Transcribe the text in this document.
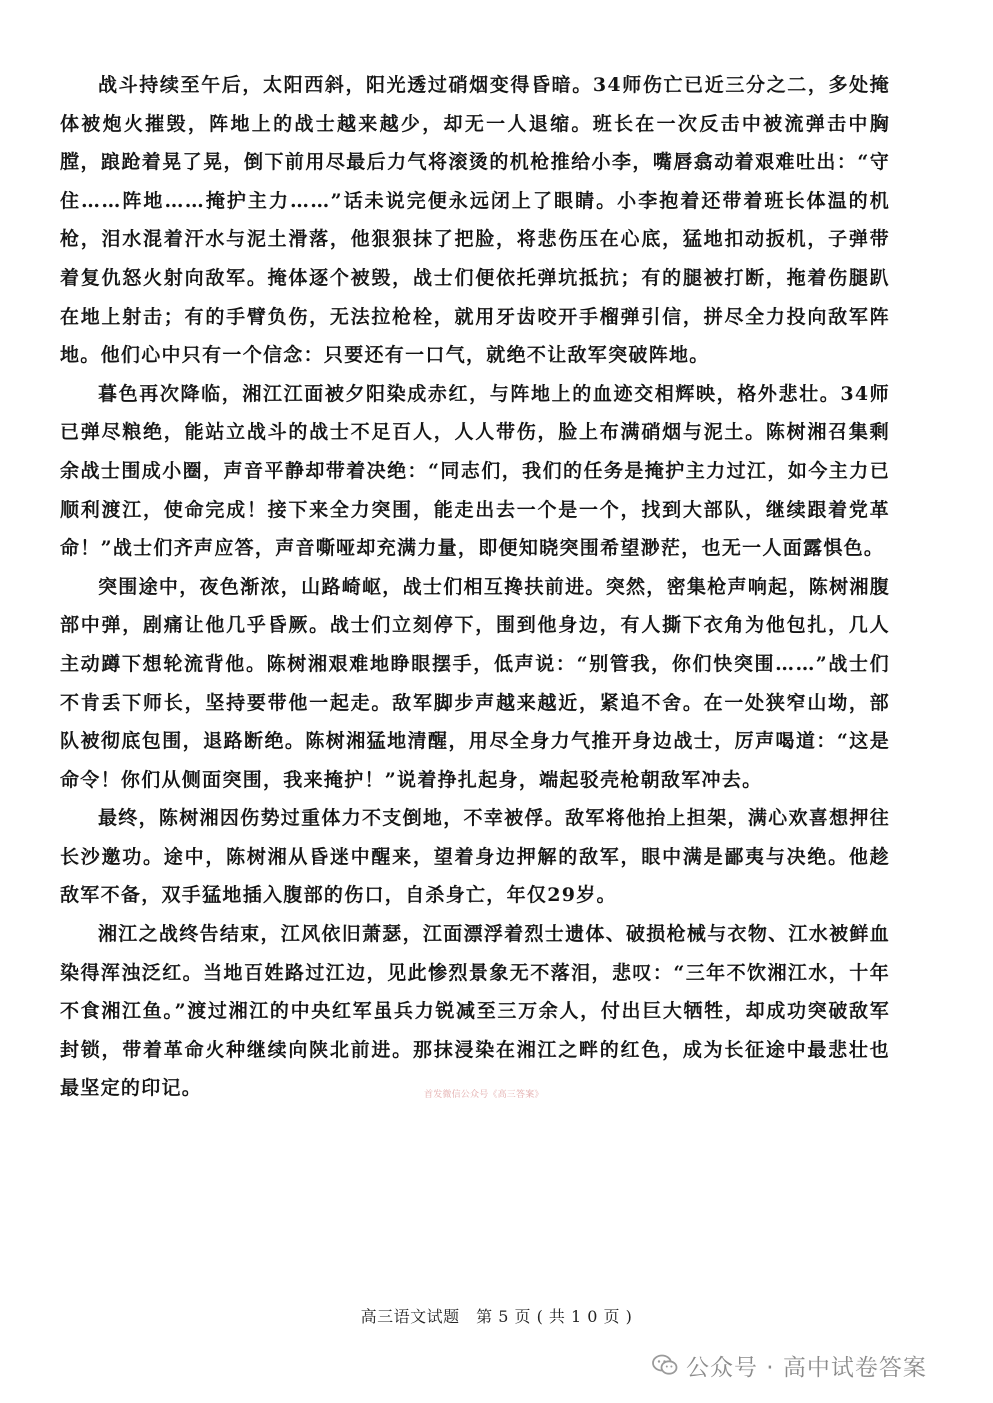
战斗持续至午后，太阳西斜，阳光透过硝烟变得昏暗。34师伤亡已近三分之二，多处掩体被炮火摧毁，阵地上的战士越来越少，却无一人退缩。班长在一次反击中被流弹击中胸膛，踉跄着晃了晃，倒下前用尽最后力气将滚烫的机枪推给小李，嘴唇翕动着艰难吐出：“守住……阵地……掩护主力……”话未说完便永远闭上了眼睛。小李抱着还带着班长体温的机枪，泪水混着汗水与泥土滑落，他狠狠抹了把脸，将悲伤压在心底，猛地扣动扳机，子弹带着复仇怒火射向敌军。掩体逐个被毁，战士们便依托弹坑抵抗；有的腿被打断，拖着伤腿趴在地上射击；有的手臂负伤，无法拉枪栓，就用牙齿咬开手榴弹引信，拼尽全力投向敌军阵地。他们心中只有一个信念：只要还有一口气，就绝不让敌军突破阵地。

暮色再次降临，湘江江面被夕阳染成赤红，与阵地上的血迹交相辉映，格外悲壮。34师已弹尽粮绝，能站立战斗的战士不足百人，人人带伤，脸上布满硝烟与泥土。陈树湘召集剩余战士围成小圈，声音平静却带着决绝：“同志们，我们的任务是掩护主力过江，如今主力已顺利渡江，使命完成！接下来全力突围，能走出去一个是一个，找到大部队，继续跟着党革命！”战士们齐声应答，声音嘶哑却充满力量，即便知晓突围希望渺茫，也无一人面露惧色。

突围途中，夜色渐浓，山路崎岖，战士们相互搀扶前进。突然，密集枪声响起，陈树湘腹部中弹，剧痛让他几乎昏厥。战士们立刻停下，围到他身边，有人撕下衣角为他包扎，几人主动蹲下想轮流背他。陈树湘艰难地睁眼摆手，低声说：“别管我，你们快突围……”战士们不肯丢下师长，坚持要带他一起走。敌军脚步声越来越近，紧追不舍。在一处狭窄山坳，部队被彻底包围，退路断绝。陈树湘猛地清醒，用尽全身力气推开身边战士，厉声喝道：“这是命令！你们从侧面突围，我来掩护！”说着挣扎起身，端起驳壳枪朝敌军冲去。

最终，陈树湘因伤势过重体力不支倒地，不幸被俘。敌军将他抬上担架，满心欢喜想押往长沙邀功。途中，陈树湘从昏迷中醒来，望着身边押解的敌军，眼中满是鄙夷与决绝。他趁敌军不备，双手猛地插入腹部的伤口，自杀身亡，年仅29岁。

湘江之战终告结束，江风依旧萧瑟，江面漂浮着烈士遗体、破损枪械与衣物、江水被鲜血染得浑浊泛红。当地百姓路过江边，见此惨烈景象无不落泪，悲叹：“三年不饮湘江水，十年不食湘江鱼。”渡过湘江的中央红军虽兵力锐减至三万余人，付出巨大牺牲，却成功突破敌军封锁，带着革命火种继续向陕北前进。那抹浸染在湘江之畔的红色，成为长征途中最悲壮也最坚定的印记。	首发微信公众号《高三答案》
高三语文试题　第 5 页 ( 共 1 0 页 )
公众号 · 高中试卷答案
